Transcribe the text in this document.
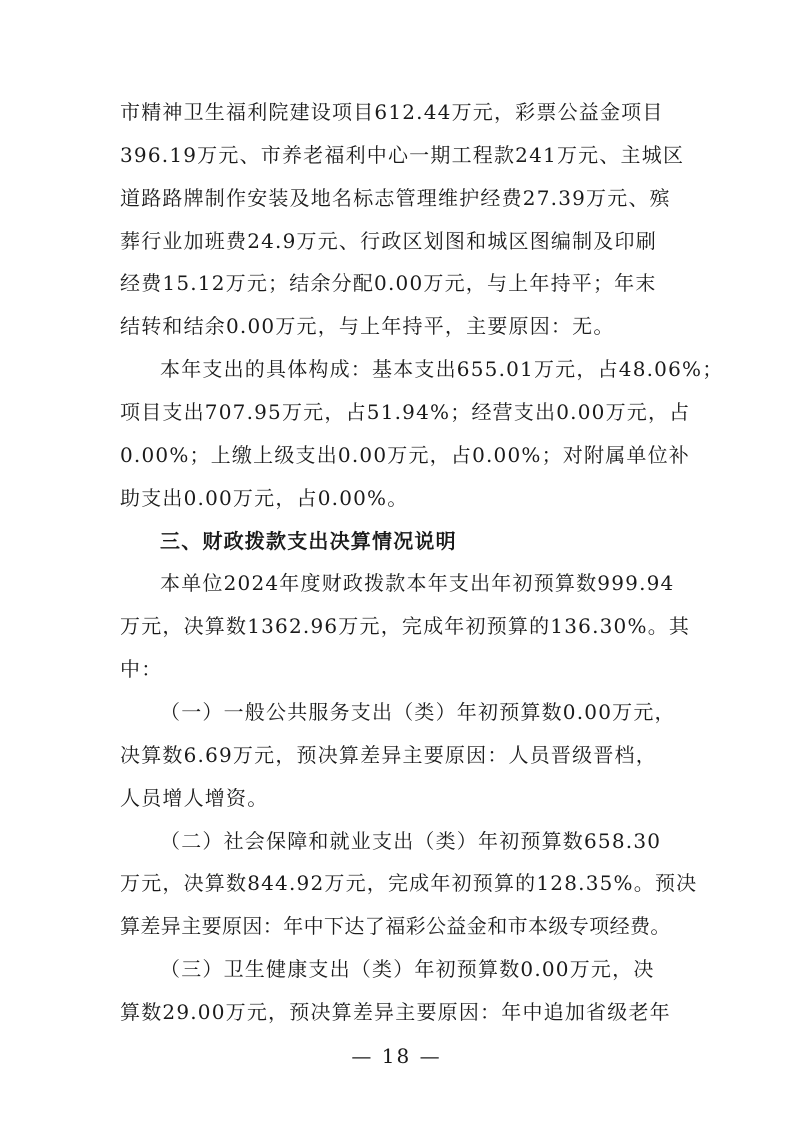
市精神卫生福利院建设项目612.44万元，彩票公益金项目
396.19万元、市养老福利中心一期工程款241万元、主城区
道路路牌制作安装及地名标志管理维护经费27.39万元、殡
葬行业加班费24.9万元、行政区划图和城区图编制及印刷
经费15.12万元；结余分配0.00万元，与上年持平；年末
结转和结余0.00万元，与上年持平，主要原因：无。
本年支出的具体构成：基本支出655.01万元，占48.06%；
项目支出707.95万元，占51.94%；经营支出0.00万元，占
0.00%；上缴上级支出0.00万元，占0.00%；对附属单位补
助支出0.00万元，占0.00%。
三、财政拨款支出决算情况说明
本单位2024年度财政拨款本年支出年初预算数999.94
万元，决算数1362.96万元，完成年初预算的136.30%。其
中：
（一）一般公共服务支出（类）年初预算数0.00万元，
决算数6.69万元，预决算差异主要原因：人员晋级晋档，
人员增人增资。
（二）社会保障和就业支出（类）年初预算数658.30
万元，决算数844.92万元，完成年初预算的128.35%。预决
算差异主要原因：年中下达了福彩公益金和市本级专项经费。
（三）卫生健康支出（类）年初预算数0.00万元，决
算数29.00万元，预决算差异主要原因：年中追加省级老年
— 18 —
